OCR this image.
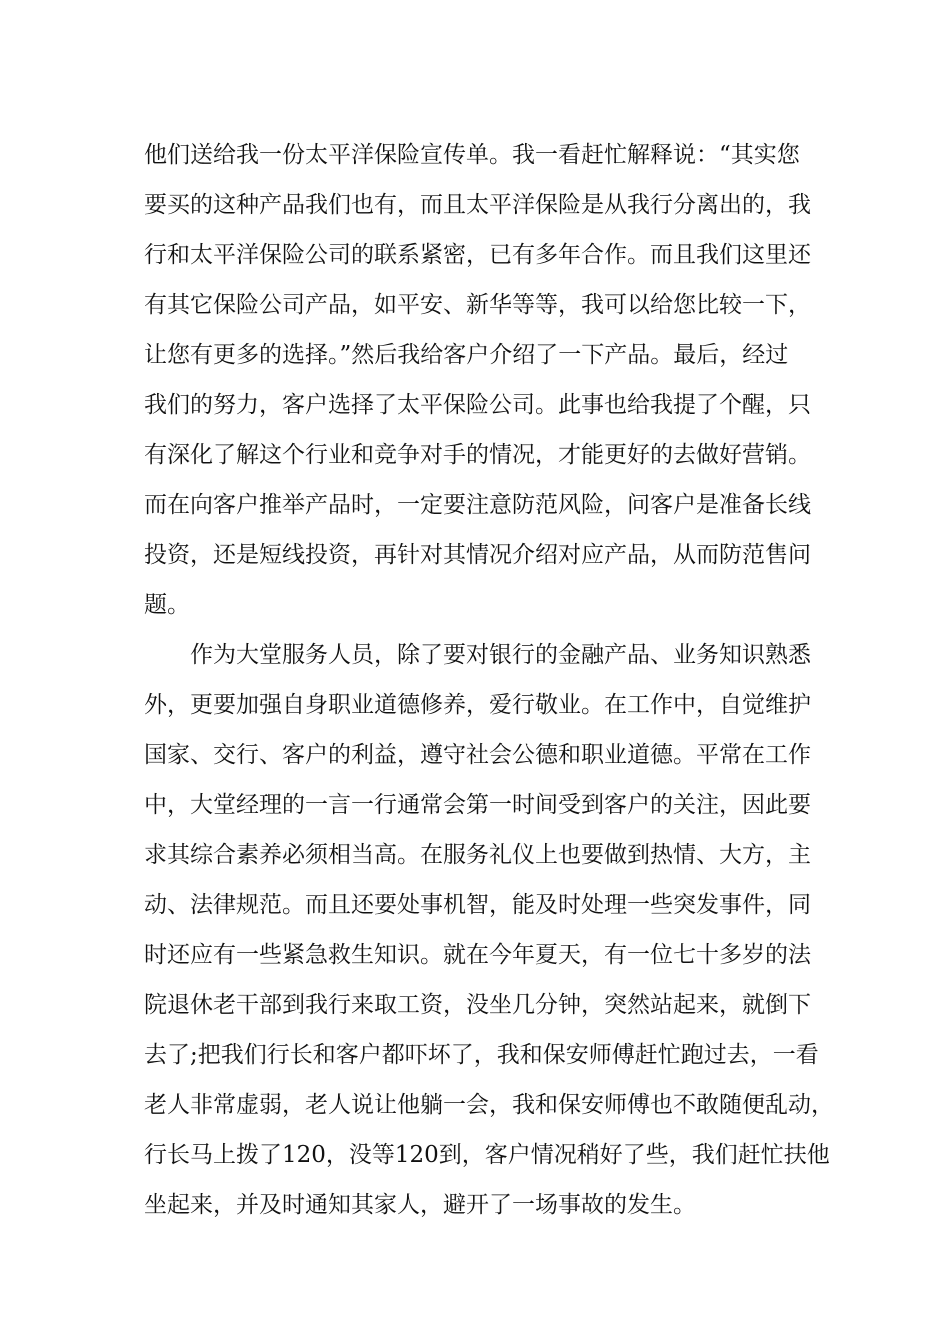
他们送给我一份太平洋保险宣传单。我一看赶忙解释说：“其实您
要买的这种产品我们也有，而且太平洋保险是从我行分离出的，我
行和太平洋保险公司的联系紧密，已有多年合作。而且我们这里还
有其它保险公司产品，如平安、新华等等，我可以给您比较一下，
让您有更多的选择。”然后我给客户介绍了一下产品。最后，经过
我们的努力，客户选择了太平保险公司。此事也给我提了个醒，只
有深化了解这个行业和竞争对手的情况，才能更好的去做好营销。
而在向客户推举产品时，一定要注意防范风险，问客户是准备长线
投资，还是短线投资，再针对其情况介绍对应产品，从而防范售问
题。
作为大堂服务人员，除了要对银行的金融产品、业务知识熟悉
外，更要加强自身职业道德修养，爱行敬业。在工作中，自觉维护
国家、交行、客户的利益，遵守社会公德和职业道德。平常在工作
中，大堂经理的一言一行通常会第一时间受到客户的关注，因此要
求其综合素养必须相当高。在服务礼仪上也要做到热情、大方，主
动、法律规范。而且还要处事机智，能及时处理一些突发事件，同
时还应有一些紧急救生知识。就在今年夏天，有一位七十多岁的法
院退休老干部到我行来取工资，没坐几分钟，突然站起来，就倒下
去了;把我们行长和客户都吓坏了，我和保安师傅赶忙跑过去，一看
老人非常虚弱，老人说让他躺一会，我和保安师傅也不敢随便乱动，
行长马上拨了120，没等120到，客户情况稍好了些，我们赶忙扶他
坐起来，并及时通知其家人，避开了一场事故的发生。
